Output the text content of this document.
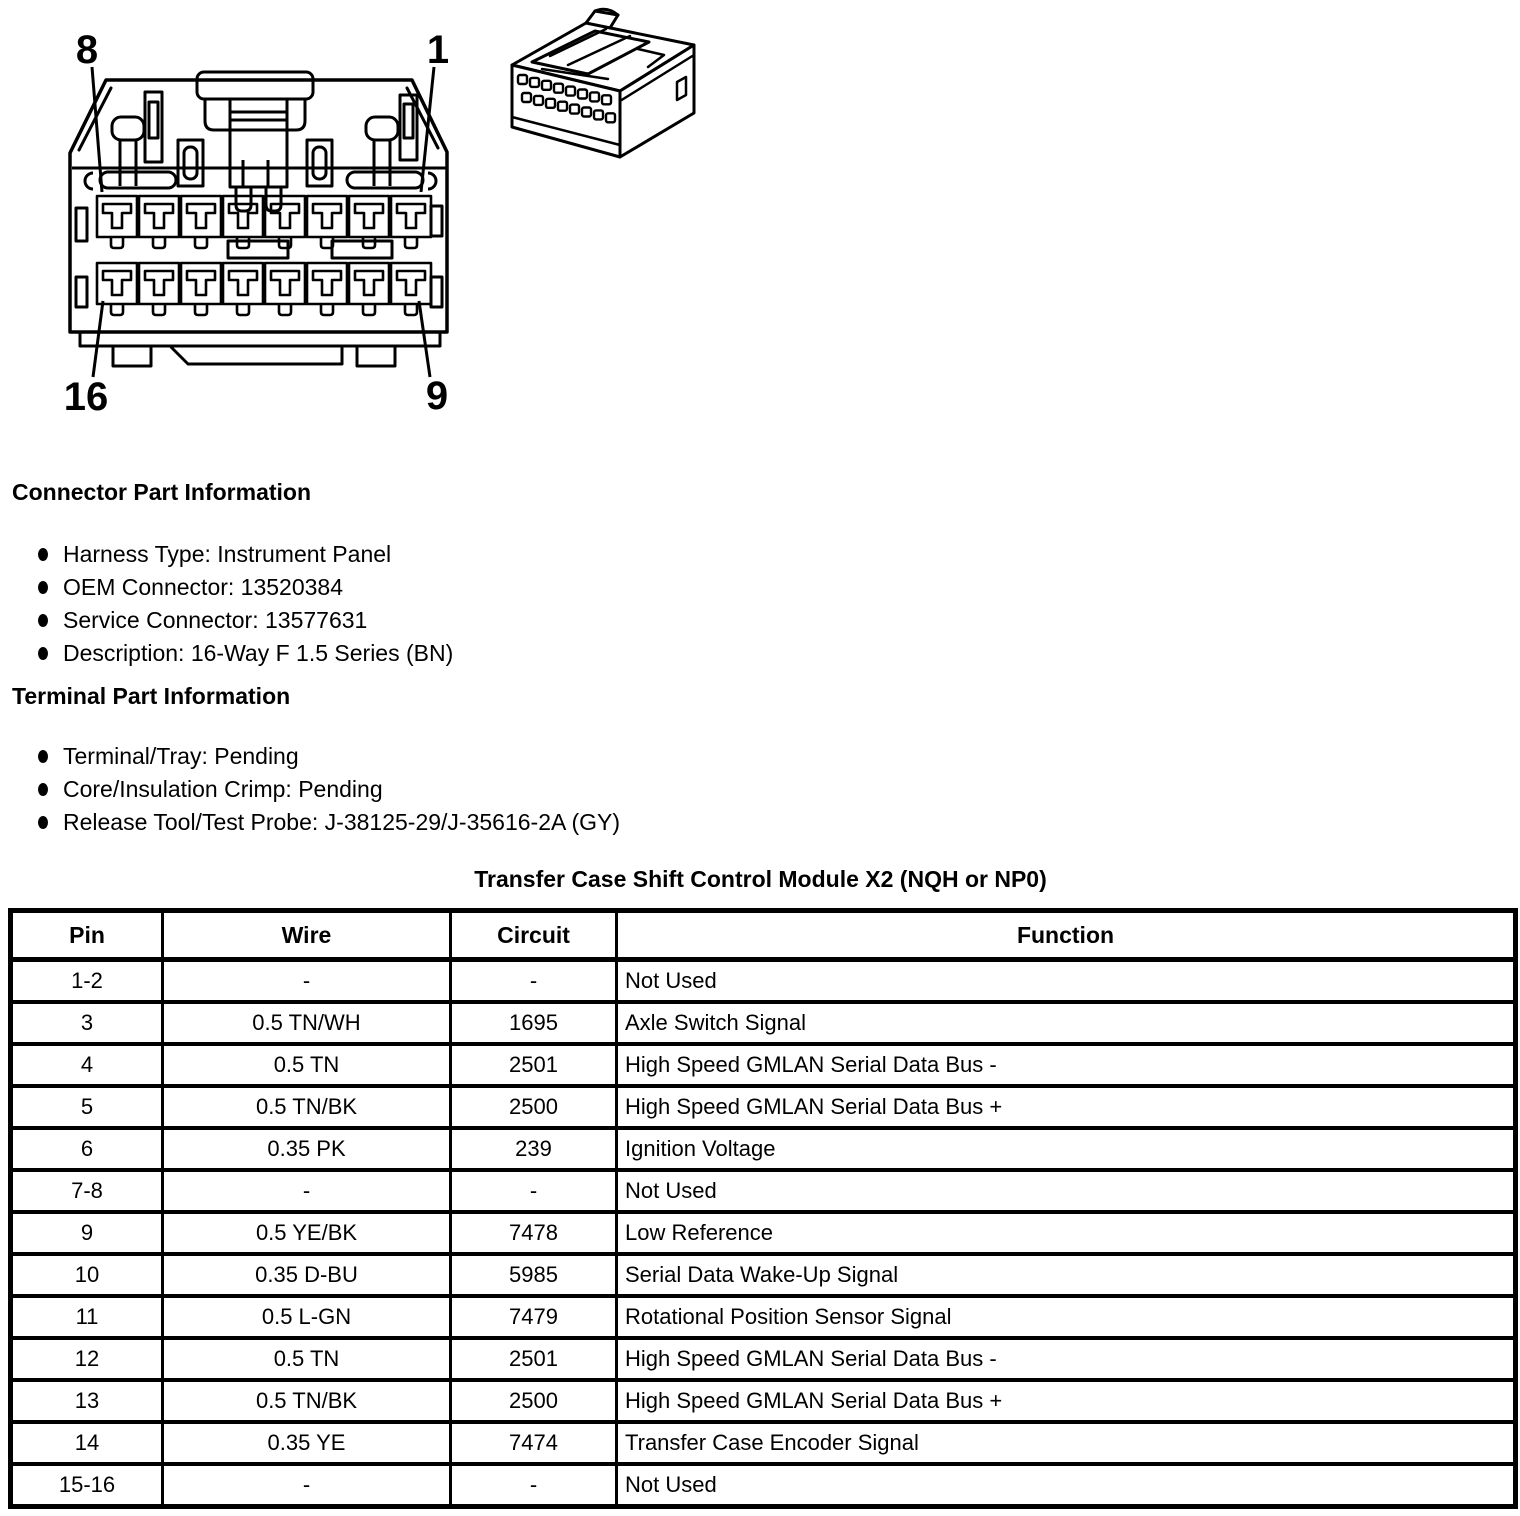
8	1
16	9
Connector Part Information
Harness Type: Instrument Panel
OEM Connector: 13520384
Service Connector: 13577631
Description: 16-Way F 1.5 Series (BN)
Terminal Part Information
Terminal/Tray: Pending
Core/Insulation Crimp: Pending
Release Tool/Test Probe: J-38125-29/J-35616-2A (GY)
Transfer Case Shift Control Module X2 (NQH or NP0)
Pin	Wire	Circuit	Function
1-2	-	-	Not Used
3	0.5 TN/WH	1695	Axle Switch Signal
4	0.5 TN	2501	High Speed GMLAN Serial Data Bus -
5	0.5 TN/BK	2500	High Speed GMLAN Serial Data Bus +
6	0.35 PK	239	Ignition Voltage
7-8	-	-	Not Used
9	0.5 YE/BK	7478	Low Reference
10	0.35 D-BU	5985	Serial Data Wake-Up Signal
11	0.5 L-GN	7479	Rotational Position Sensor Signal
12	0.5 TN	2501	High Speed GMLAN Serial Data Bus -
13	0.5 TN/BK	2500	High Speed GMLAN Serial Data Bus +
14	0.35 YE	7474	Transfer Case Encoder Signal
15-16	-	-	Not Used
